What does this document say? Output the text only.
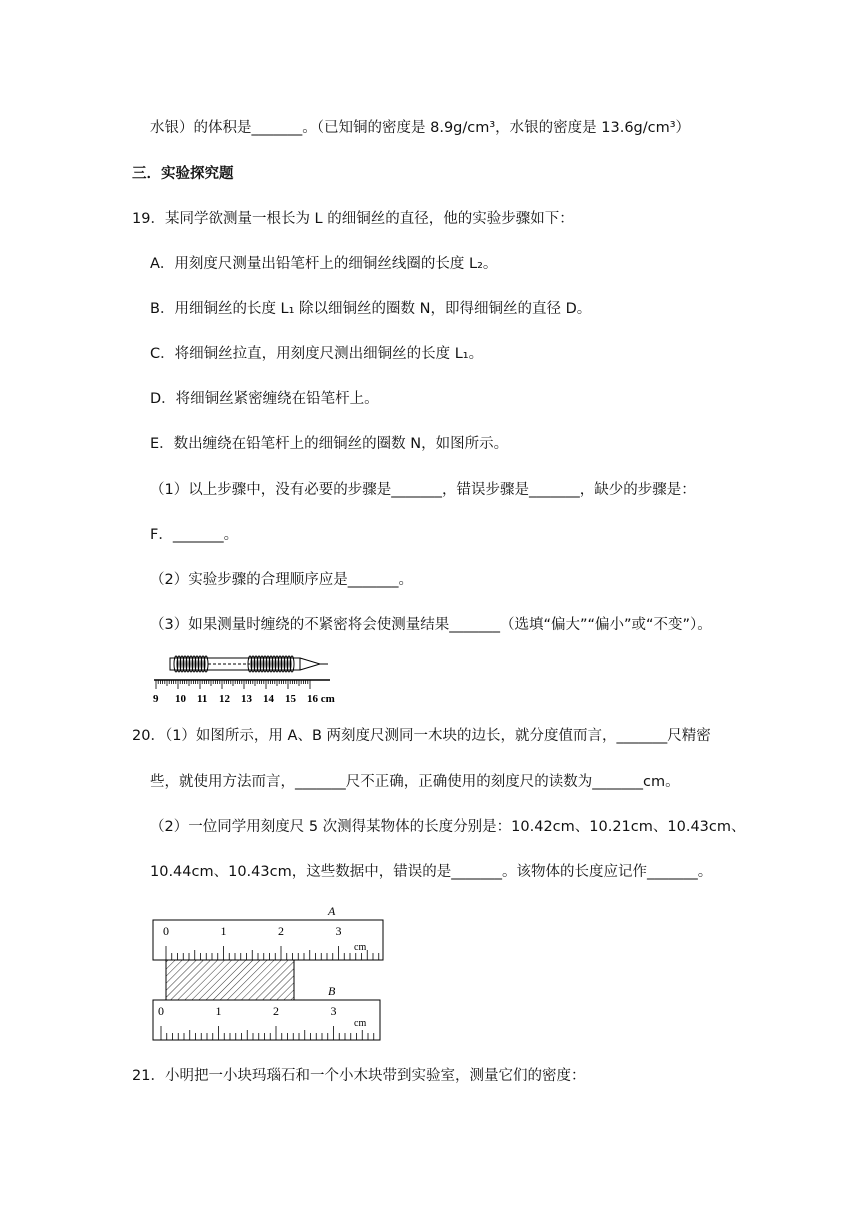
水银）的体积是_______。（已知铜的密度是 8.9g/cm³，水银的密度是 13.6g/cm³）
三．实验探究题
19．某同学欲测量一根长为 L 的细铜丝的直径，他的实验步骤如下：
A．用刻度尺测量出铅笔杆上的细铜丝线圈的长度 L₂。
B．用细铜丝的长度 L₁ 除以细铜丝的圈数 N，即得细铜丝的直径 D。
C．将细铜丝拉直，用刻度尺测出细铜丝的长度 L₁。
D．将细铜丝紧密缠绕在铅笔杆上。
E．数出缠绕在铅笔杆上的细铜丝的圈数 N，如图所示。
（1）以上步骤中，没有必要的步骤是_______，错误步骤是_______，缺少的步骤是：
F．_______。
（2）实验步骤的合理顺序应是_______。
（3）如果测量时缠绕的不紧密将会使测量结果_______（选填“偏大”“偏小”或“不变”）。
9 10 11 12 13 14 15 16 cm
20．（1）如图所示，用 A、B 两刻度尺测同一木块的边长，就分度值而言，_______尺精密
些，就使用方法而言，_______尺不正确，正确使用的刻度尺的读数为_______cm。
（2）一位同学用刻度尺 5 次测得某物体的长度分别是：10.42cm、10.21cm、10.43cm、
10.44cm、10.43cm，这些数据中，错误的是_______。该物体的长度应记作_______。
A
0	1	2	3
cm
B
0	1	2	3
cm
21．小明把一小块玛瑙石和一个小木块带到实验室，测量它们的密度：
